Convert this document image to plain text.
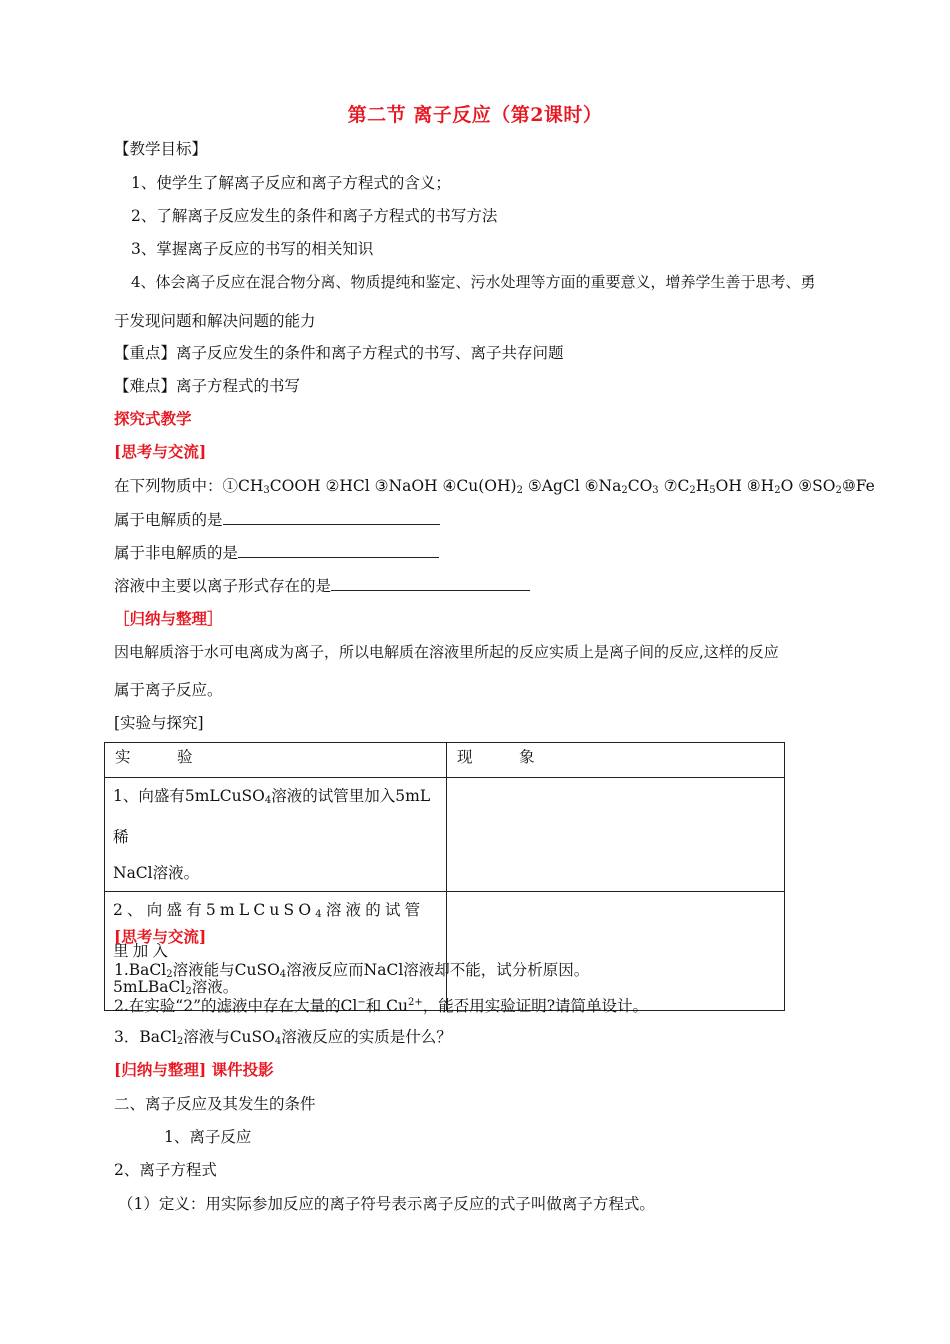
第二节 离子反应（第2课时）
【教学目标】
1、使学生了解离子反应和离子方程式的含义；
2、了解离子反应发生的条件和离子方程式的书写方法
3、掌握离子反应的书写的相关知识
4、体会离子反应在混合物分离、物质提纯和鉴定、污水处理等方面的重要意义，增养学生善于思考、勇
于发现问题和解决问题的能力
【重点】离子反应发生的条件和离子方程式的书写、离子共存问题
【难点】离子方程式的书写
探究式教学
[思考与交流]
在下列物质中：$①CH_3COOH$ ②HCl ③NaOH $④Cu(OH)_2$ ⑤AgCl $⑥Na_2CO_3$ $⑦C_2H_5OH$ $⑧H_2O$ $⑨SO_2⑩Fe$
属于电解质的是
属于非电解质的是
溶液中主要以离子形式存在的是
［归纳与整理］
因电解质溶于水可电离成为离子，所以电解质在溶液里所起的反应实质上是离子间的反应,这样的反应
属于离子反应。
[实验与探究]
实　　　验	现　　　象

1、向盛有5mLCuSO$_4$溶液的试管里加入5mL稀
NaCl溶液。	

2、向盛有5mLCuSO$_4$溶液的试管里加入
5mLBaCl$_2$溶液。	

[思考与交流]
1.BaCl$_2$溶液能与CuSO$_4$溶液反应而NaCl溶液却不能，试分析原因。
2.在实验“2”的滤液中存在大量的Cl−和 $Cu^{2+}$，能否用实验证明?请简单设计。
3．BaCl$_2$溶液与CuSO$_4$溶液反应的实质是什么？
[归纳与整理] 课件投影
二、离子反应及其发生的条件
1、离子反应
2、离子方程式
（1）定义：用实际参加反应的离子符号表示离子反应的式子叫做离子方程式。
